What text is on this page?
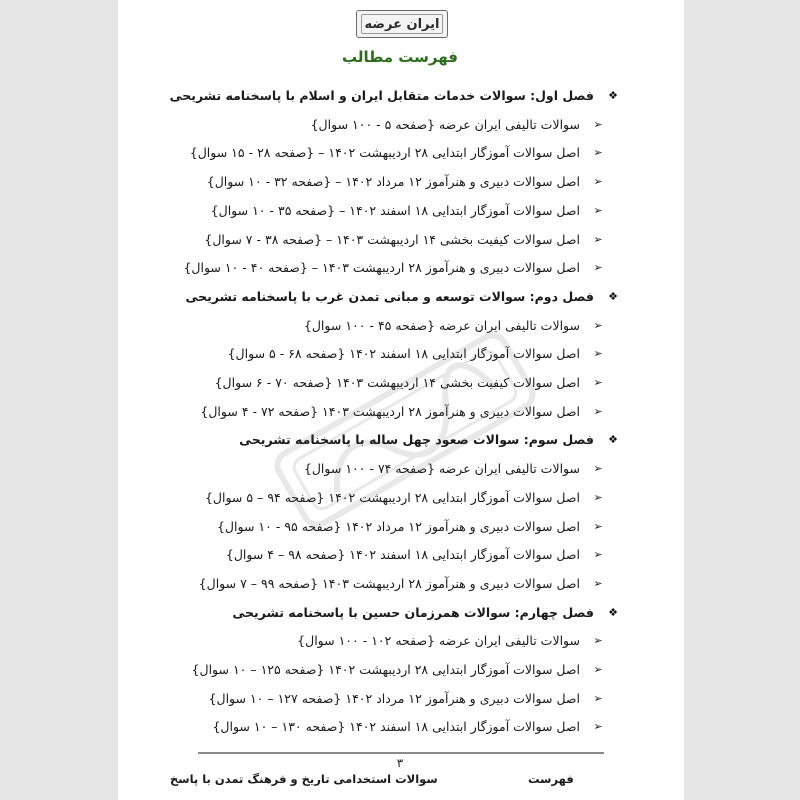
ایران عرضه
فهرست مطالب
❖
فصل اول: سوالات خدمات متقابل ایران و اسلام با پاسخنامه تشریحی
➢
سوالات تالیفی ایران عرضه {صفحه ۵ - ۱۰۰ سوال}
➢
اصل سوالات آموزگار ابتدایی ۲۸ اردیبهشت ۱۴۰۲ – {صفحه ۲۸ - ۱۵ سوال}
➢
اصل سوالات دبیری و هنرآموز ۱۲ مرداد ۱۴۰۲ – {صفحه ۳۲ - ۱۰ سوال}
➢
اصل سوالات آموزگار ابتدایی ۱۸ اسفند ۱۴۰۲ – {صفحه ۳۵ - ۱۰ سوال}
➢
اصل سوالات کیفیت بخشی ۱۴ اردیبهشت ۱۴۰۳ – {صفحه ۳۸ - ۷ سوال}
➢
اصل سوالات دبیری و هنرآموز ۲۸ اردیبهشت ۱۴۰۳ – {صفحه ۴۰ - ۱۰ سوال}
❖
فصل دوم: سوالات توسعه و مبانی تمدن غرب با پاسخنامه تشریحی
➢
سوالات تالیفی ایران عرضه {صفحه ۴۵ - ۱۰۰ سوال}
➢
اصل سوالات آموزگار ابتدایی ۱۸ اسفند ۱۴۰۲ {صفحه ۶۸ - ۵ سوال}
➢
اصل سوالات کیفیت بخشی ۱۴ اردیبهشت ۱۴۰۳ {صفحه ۷۰ - ۶ سوال}
➢
اصل سوالات دبیری و هنرآموز ۲۸ اردیبهشت ۱۴۰۳ {صفحه ۷۲ - ۴ سوال}
❖
فصل سوم: سوالات صعود چهل ساله با پاسخنامه تشریحی
➢
سوالات تالیفی ایران عرضه {صفحه ۷۴ - ۱۰۰ سوال}
➢
اصل سوالات آموزگار ابتدایی ۲۸ اردیبهشت ۱۴۰۲ {صفحه ۹۴ – ۵ سوال}
➢
اصل سوالات دبیری و هنرآموز ۱۲ مرداد ۱۴۰۲ {صفحه ۹۵ - ۱۰ سوال}
➢
اصل سوالات آموزگار ابتدایی ۱۸ اسفند ۱۴۰۲ {صفحه ۹۸ – ۴ سوال}
➢
اصل سوالات دبیری و هنرآموز ۲۸ اردیبهشت ۱۴۰۳ {صفحه ۹۹ – ۷ سوال}
❖
فصل چهارم: سوالات همرزمان حسین با پاسخنامه تشریحی
➢
سوالات تالیفی ایران عرضه {صفحه ۱۰۲ - ۱۰۰ سوال}
➢
اصل سوالات آموزگار ابتدایی ۲۸ اردیبهشت ۱۴۰۲ {صفحه ۱۲۵ – ۱۰ سوال}
➢
اصل سوالات دبیری و هنرآموز ۱۲ مرداد ۱۴۰۲ {صفحه ۱۲۷ – ۱۰ سوال}
➢
اصل سوالات آموزگار ابتدایی ۱۸ اسفند ۱۴۰۲ {صفحه ۱۳۰ – ۱۰ سوال}
۳
سوالات استخدامی تاریخ و فرهنگ تمدن با پاسخ	فهرست
